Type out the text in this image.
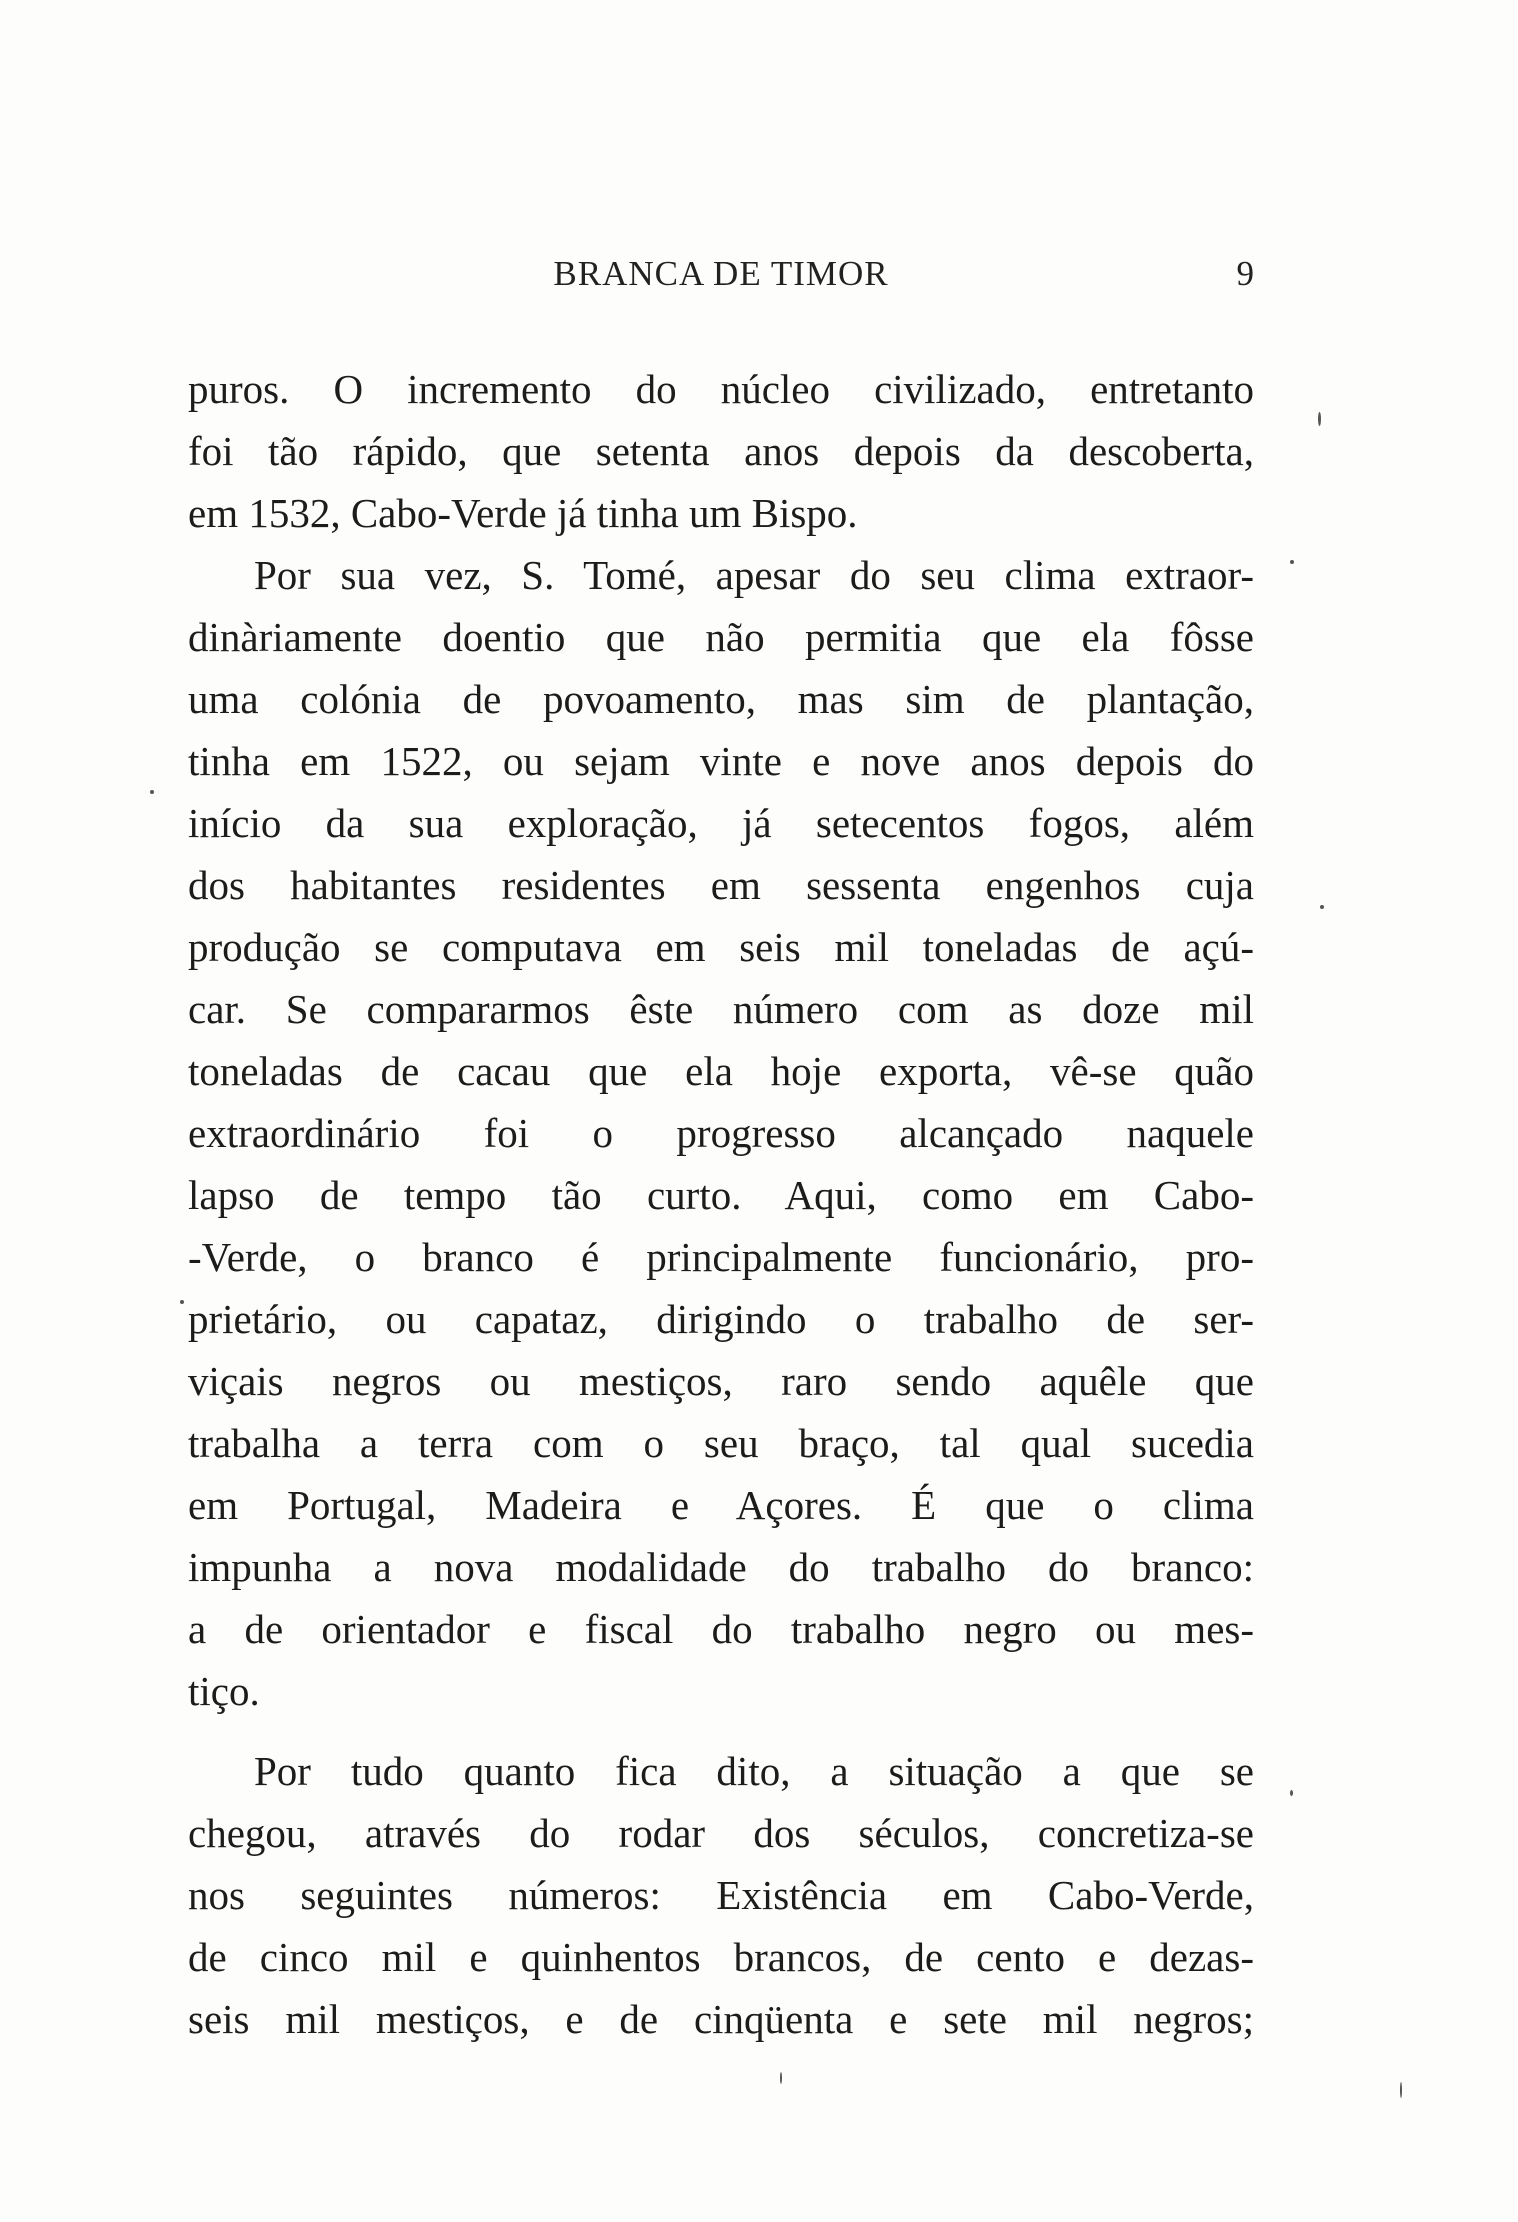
BRANCA DE TIMOR	9
puros. O incremento do núcleo civilizado, entretanto
foi tão rápido, que setenta anos depois da descoberta,
em 1532, Cabo-Verde já tinha um Bispo.
Por sua vez, S. Tomé, apesar do seu clima extraor-
dinàriamente doentio que não permitia que ela fôsse
uma colónia de povoamento, mas sim de plantação,
tinha em 1522, ou sejam vinte e nove anos depois do
início da sua exploração, já setecentos fogos, além
dos habitantes residentes em sessenta engenhos cuja
produção se computava em seis mil toneladas de açú-
car. Se compararmos êste número com as doze mil
toneladas de cacau que ela hoje exporta, vê-se quão
extraordinário foi o progresso alcançado naquele
lapso de tempo tão curto. Aqui, como em Cabo-
-Verde, o branco é principalmente funcionário, pro-
prietário, ou capataz, dirigindo o trabalho de ser-
viçais negros ou mestiços, raro sendo aquêle que
trabalha a terra com o seu braço, tal qual sucedia
em Portugal, Madeira e Açores. É que o clima
impunha a nova modalidade do trabalho do branco:
a de orientador e fiscal do trabalho negro ou mes-
tiço.
Por tudo quanto fica dito, a situação a que se
chegou, através do rodar dos séculos, concretiza-se
nos seguintes números: Existência em Cabo-Verde,
de cinco mil e quinhentos brancos, de cento e dezas-
seis mil mestiços, e de cinqüenta e sete mil negros;
